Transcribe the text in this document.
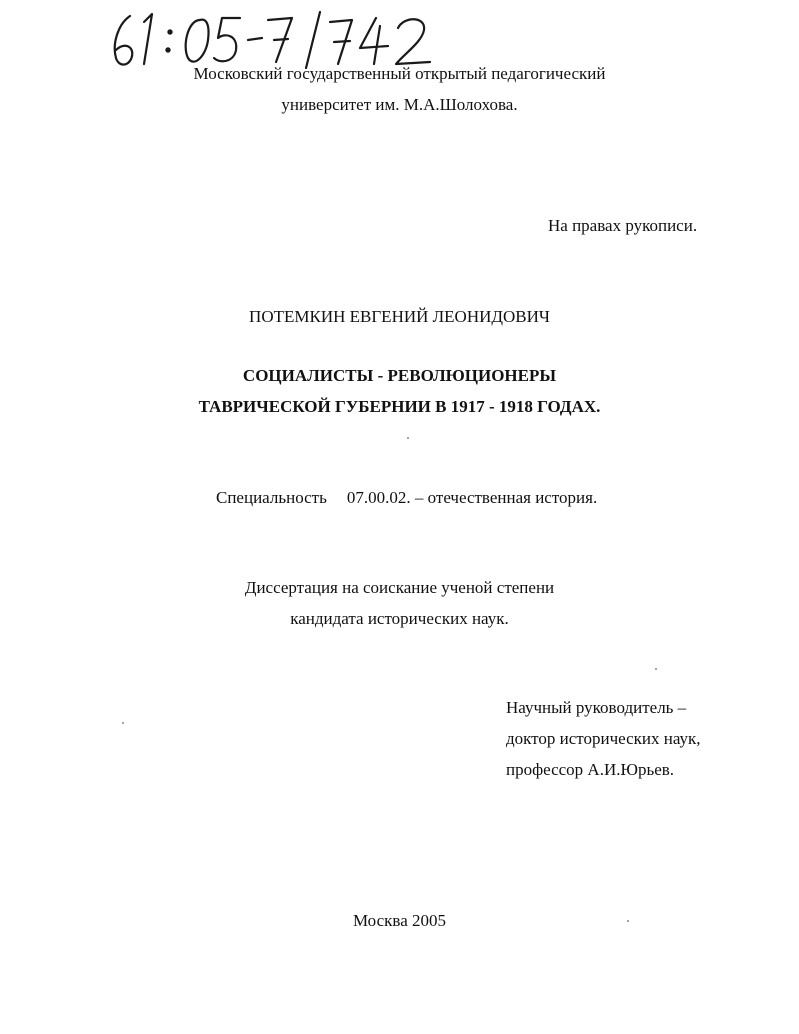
Московский государственный открытый педагогический
университет им. М.А.Шолохова.
На правах рукописи.
ПОТЕМКИН ЕВГЕНИЙ ЛЕОНИДОВИЧ
СОЦИАЛИСТЫ - РЕВОЛЮЦИОНЕРЫ
ТАВРИЧЕСКОЙ ГУБЕРНИИ В 1917 - 1918 ГОДАХ.
Специальность 07.00.02. – отечественная история.
Диссертация на соискание ученой степени
кандидата исторических наук.
Научный руководитель –
доктор исторических наук,
профессор А.И.Юрьев.
Москва 2005
